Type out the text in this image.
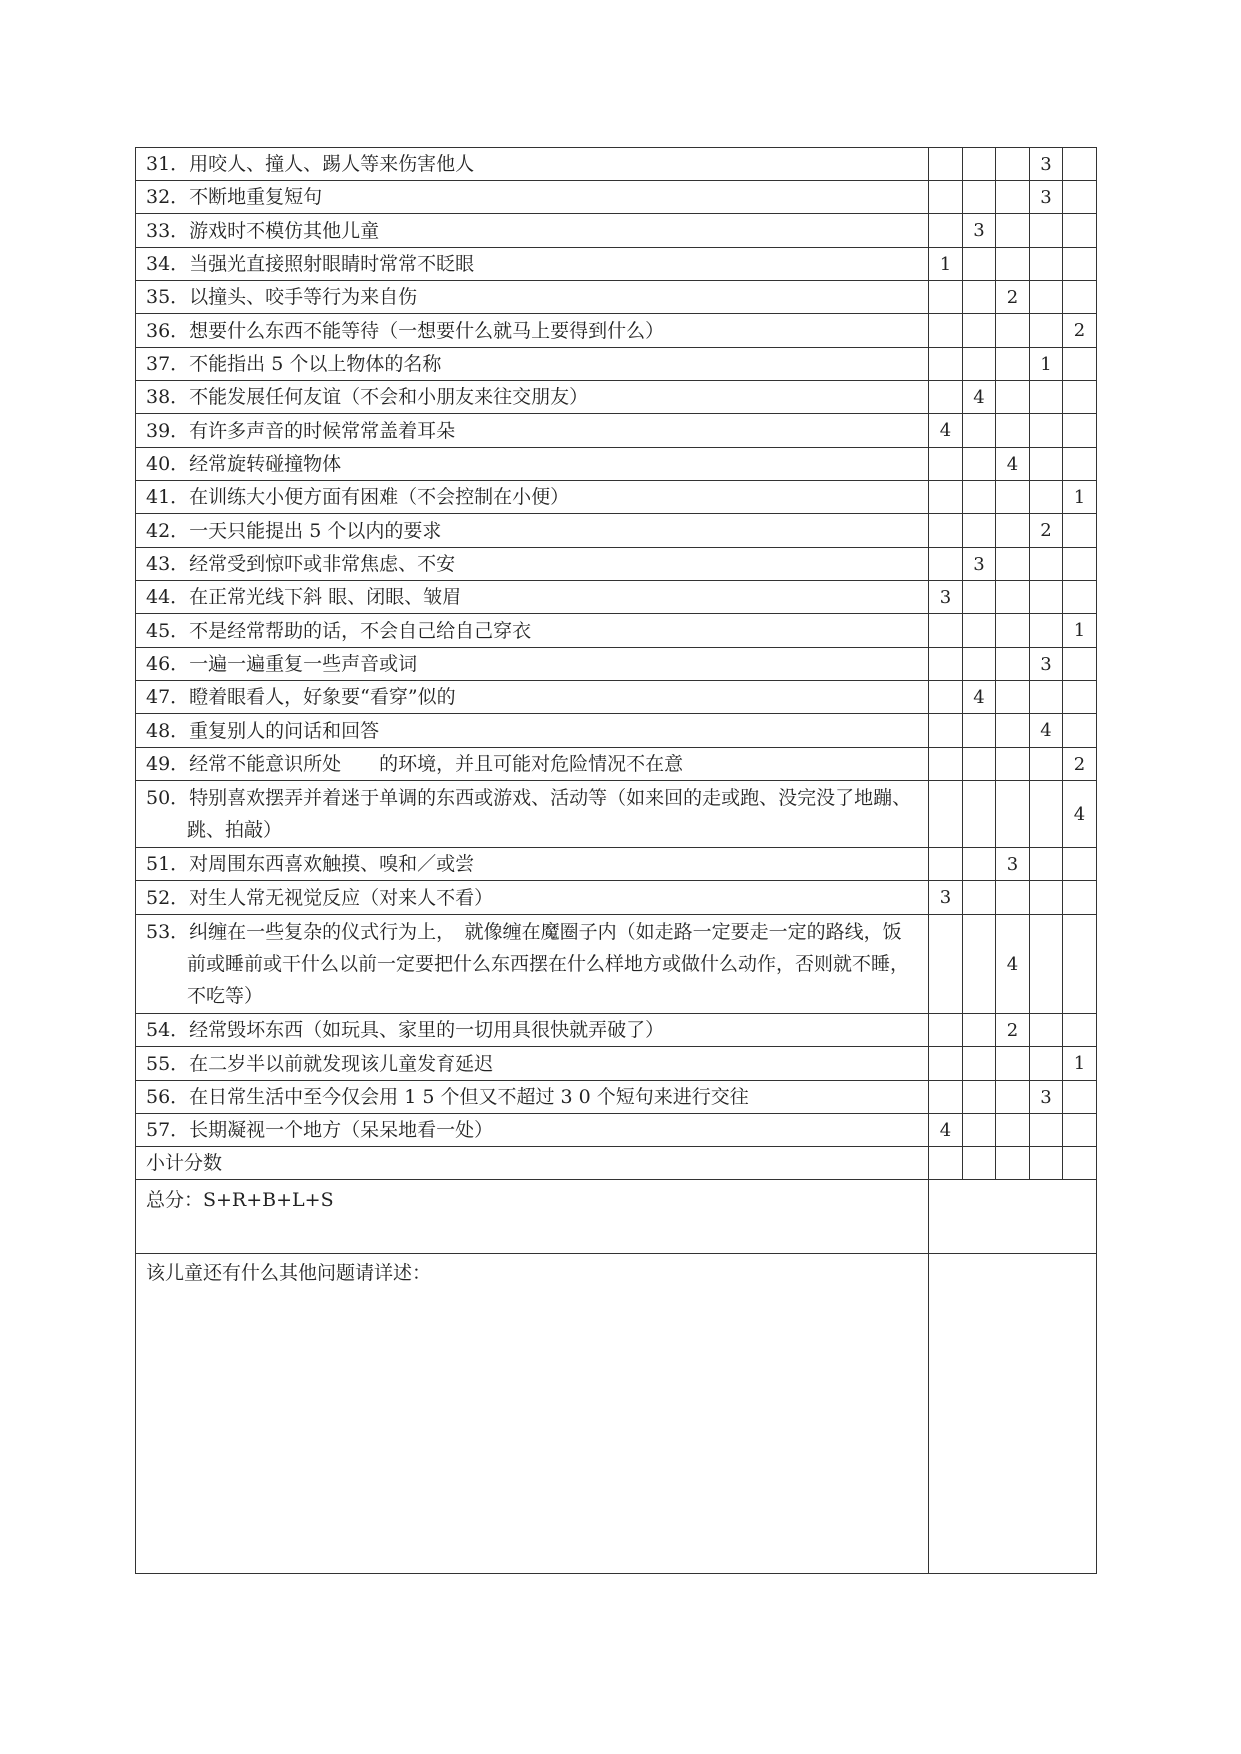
31．用咬人、撞人、踢人等来伤害他人				3	
32．不断地重复短句				3	
33．游戏时不模仿其他儿童		3			
34．当强光直接照射眼睛时常常不眨眼	1				
35．以撞头、咬手等行为来自伤			2		
36．想要什么东西不能等待（一想要什么就马上要得到什么）					2
37．不能指出 5 个以上物体的名称				1	
38．不能发展任何友谊（不会和小朋友来往交朋友）		4			
39．有许多声音的时候常常盖着耳朵	4				
40．经常旋转碰撞物体			4		
41．在训练大小便方面有困难（不会控制在小便）					1
42．一天只能提出 5 个以内的要求				2	
43．经常受到惊吓或非常焦虑、不安		3			
44．在正常光线下斜 眼、闭眼、皱眉	3				
45．不是经常帮助的话，不会自己给自己穿衣					1
46．一遍一遍重复一些声音或词				3	
47．瞪着眼看人，好象要“看穿”似的		4			
48．重复别人的问话和回答				4	
49．经常不能意识所处　　的环境，并且可能对危险情况不在意					2

50．特别喜欢摆弄并着迷于单调的东西或游戏、活动等（如来回的走或跑、没完没了地蹦、跳、拍敲）					4
51．对周围东西喜欢触摸、嗅和／或尝			3		
52．对生人常无视觉反应（对来人不看）	3				

53．纠缠在一些复杂的仪式行为上，　就像缠在魔圈子内（如走路一定要走一定的路线，饭前或睡前或干什么以前一定要把什么东西摆在什么样地方或做什么动作，否则就不睡，不吃等）			4		
54．经常毁坏东西（如玩具、家里的一切用具很快就弄破了）			2		
55．在二岁半以前就发现该儿童发育延迟					1
56．在日常生活中至今仅会用 1 5 个但又不超过 3 0 个短句来进行交往				3	
57．长期凝视一个地方（呆呆地看一处）	4				
小计分数					
总分：S+R+B+L+S					
该儿童还有什么其他问题请详述：					
